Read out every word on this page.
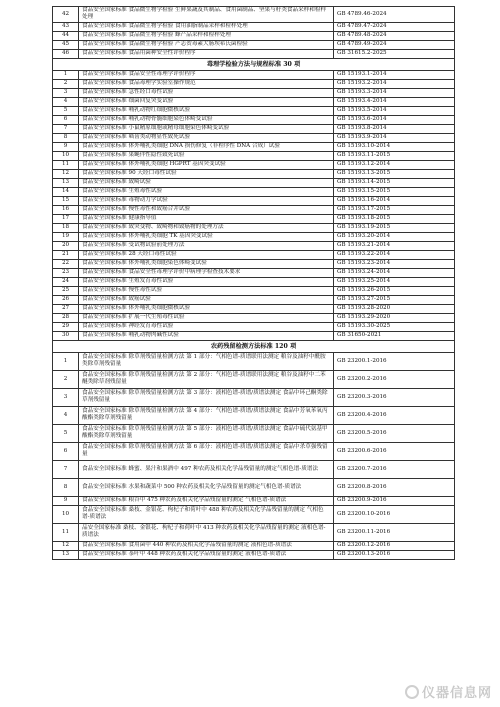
42	食品安全国家标准 食品微生物学检验 生鲜果蔬及其制品、食用菌制品、坚果与籽类食品采样和检样处理	GB 4789.46-2024
43	食品安全国家标准 食品微生物学检验 食用油脂制品采样和检样处理	GB 4789.47-2024
44	食品安全国家标准 食品微生物学检验 蜂产品采样和检样处理	GB 4789.48-2024
45	食品安全国家标准 食品微生物学检验 产志贺毒素大肠埃希氏菌检验	GB 4789.49-2024
46	食品安全国家标准 食品用菌种安全性评价程序	GB 31615.2-2025
毒理学检验方法与规程标准 30 项		
1	食品安全国家标准 食品安全性毒理学评价程序	GB 15193.1-2014
2	食品安全国家标准 食品毒理学实验室操作规范	GB 15193.2-2014
3	食品安全国家标准 急性经口毒性试验	GB 15193.3-2014
4	食品安全国家标准 细菌回复突变试验	GB 15193.4-2014
5	食品安全国家标准 哺乳动物红细胞微核试验	GB 15193.5-2014
6	食品安全国家标准 哺乳动物骨髓细胞染色体畸变试验	GB 15193.6-2014
7	食品安全国家标准 小鼠精原细胞或精母细胞染色体畸变试验	GB 15193.8-2014
8	食品安全国家标准 啮齿类动物显性致死试验	GB 15193.9-2014
9	食品安全国家标准 体外哺乳类细胞 DNA 损伤修复（非程序性 DNA 合成）试验	GB 15193.10-2014
10	食品安全国家标准 果蝇伴性隐性致死试验	GB 15193.11-2015
11	食品安全国家标准 体外哺乳类细胞 HGPRT 基因突变试验	GB 15193.12-2014
12	食品安全国家标准 90 天经口毒性试验	GB 15193.13-2015
13	食品安全国家标准 致畸试验	GB 15193.14-2015
14	食品安全国家标准 生殖毒性试验	GB 15193.15-2015
15	食品安全国家标准 毒物动力学试验	GB 15193.16-2014
16	食品安全国家标准 慢性毒性和致癌合并试验	GB 15193.17-2015
17	食品安全国家标准 健康指导值	GB 15193.18-2015
18	食品安全国家标准 致突变物、致畸物和致癌物的处理方法	GB 15193.19-2015
19	食品安全国家标准 体外哺乳类细胞 TK 基因突变试验	GB 15193.20-2014
20	食品安全国家标准 受试物试验前处理方法	GB 15193.21-2014
21	食品安全国家标准 28 天经口毒性试验	GB 15193.22-2014
22	食品安全国家标准 体外哺乳类细胞染色体畸变试验	GB 15193.23-2014
23	食品安全国家标准 食品安全性毒理学评价中病理学检查技术要求	GB 15193.24-2014
24	食品安全国家标准 生殖发育毒性试验	GB 15193.25-2014
25	食品安全国家标准 慢性毒性试验	GB 15193.26-2015
26	食品安全国家标准 致癌试验	GB 15193.27-2015
27	食品安全国家标准 体外哺乳类细胞微核试验	GB 15193.28-2020
28	食品安全国家标准 扩展一代生殖毒性试验	GB 15193.29-2020
29	食品安全国家标准 神经发育毒性试验	GB 15193.30-2025
30	食品安全国家标准 哺乳动物肉碱性试验	GB 31650-2021
农药残留检测方法标准 120 项		
1	食品安全国家标准 除草剂残留量检测方法 第 1 部分：气相色谱-质谱联用法测定 粮谷及油籽中酰胺类除草剂残留量	GB 23200.1-2016
2	食品安全国家标准 除草剂残留量检测方法 第 2 部分：气相色谱-质谱联用法测定 粮谷及油籽中二苯醚类除草剂残留量	GB 23200.2-2016
3	食品安全国家标准 除草剂残留量检测方法 第 3 部分：液相色谱-质谱/质谱法测定 食品中环己酮类除草剂残留量	GB 23200.3-2016
4	食品安全国家标准 除草剂残留量检测方法 第 4 部分：气相色谱-质谱/质谱法测定 食品中芳氧苯氧丙酸酯类除草剂残留量	GB 23200.4-2016
5	食品安全国家标准 除草剂残留量检测方法 第 5 部分：液相色谱-质谱/质谱法测定 食品中硫代氨基甲酸酯类除草剂残留量	GB 23200.5-2016
6	食品安全国家标准 除草剂残留量检测方法 第 6 部分：液相色谱-质谱/质谱法测定 食品中杀草强残留量	GB 23200.6-2016
7	食品安全国家标准 蜂蜜、果汁和果酒中 497 种农药及相关化学品残留量的测定气相色谱-质谱法	GB 23200.7-2016
8	食品安全国家标准 水果和蔬菜中 500 种农药及相关化学品残留量的测定气相色谱-质谱法	GB 23200.8-2016
9	食品安全国家标准 粮谷中 475 种农药及相关化学品残留量的测定 气相色谱-质谱法	GB 23200.9-2016
10	食品安全国家标准 桑枝、金银花、枸杞子和荷叶中 488 种农药及相关化学品残留量的测定 气相色谱-质谱法	GB 23200.10-2016
11	品安全国家标准 桑枝、金银花、枸杞子和荷叶中 413 种农药及相关化学品残留量的测定 液相色谱-质谱法	GB 23200.11-2016
12	食品安全国家标准 食用菌中 440 种农药及相关化学品残留量的测定 液相色谱-质谱法	GB 23200.12-2016
13	食品安全国家标准 茶叶中 448 种农药及相关化学品残留量的测定 液相色谱-质谱法	GB 23200.13-2016
仪器信息网
